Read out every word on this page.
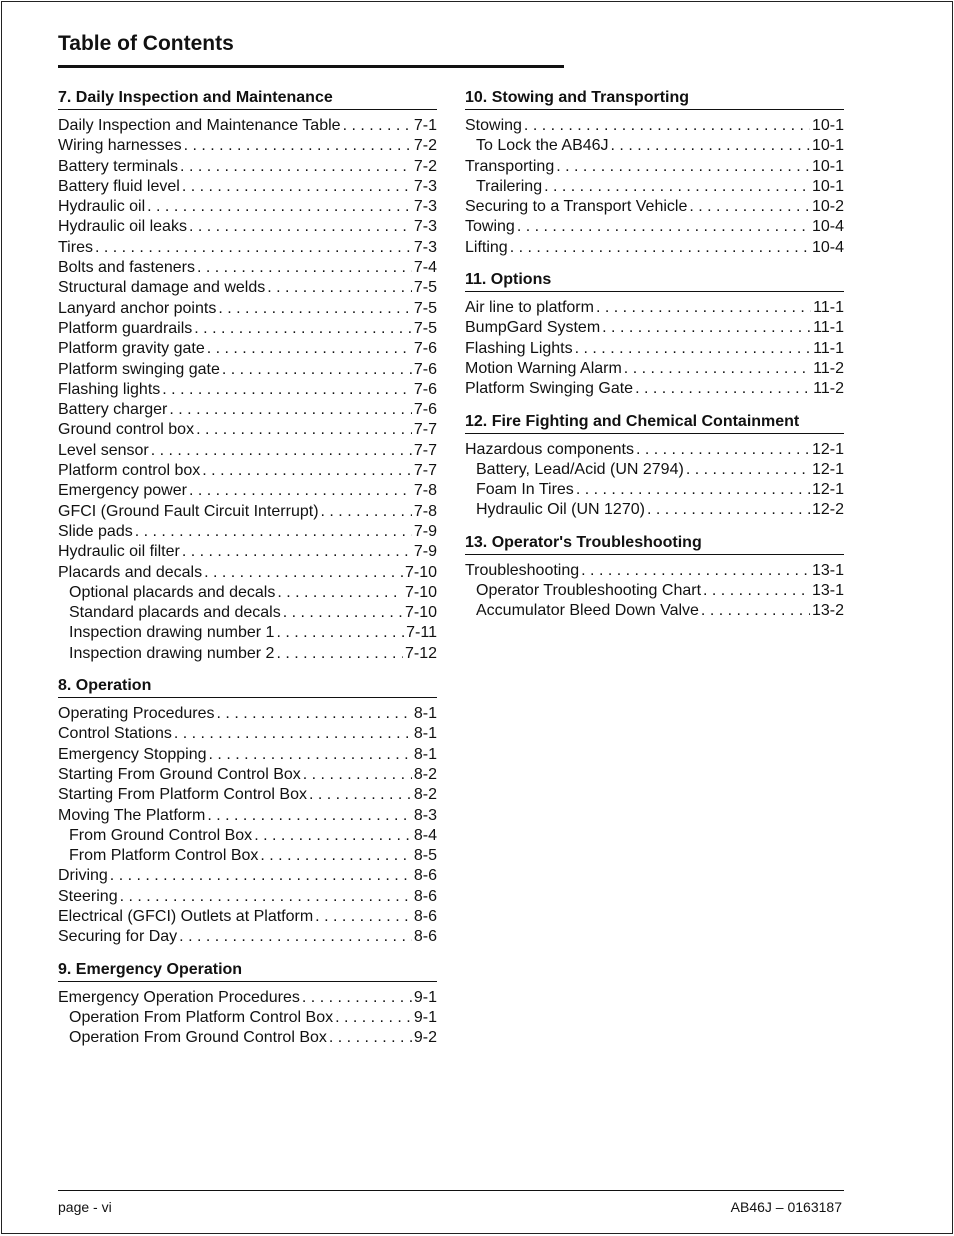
Table of Contents
7. Daily Inspection and Maintenance
Daily Inspection and Maintenance Table . . .	7-1
Wiring harnesses . . .	7-2
Battery terminals . . .	7-2
Battery fluid level . . .	7-3
Hydraulic oil . . .	7-3
Hydraulic oil leaks . . .	7-3
Tires . . .	7-3
Bolts and fasteners . . .	7-4
Structural damage and welds . . .	7-5
Lanyard anchor points . . .	7-5
Platform guardrails . . .	7-5
Platform gravity gate . . .	7-6
Platform swinging gate . . .	7-6
Flashing lights . . .	7-6
Battery charger . . .	7-6
Ground control box . . .	7-7
Level sensor . . .	7-7
Platform control box . . .	7-7
Emergency power . . .	7-8
GFCI (Ground Fault Circuit Interrupt) . . .	7-8
Slide pads . . .	7-9
Hydraulic oil filter . . .	7-9
Placards and decals . . .	7-10
Optional placards and decals . . .	7-10
Standard placards and decals . . .	7-10
Inspection drawing number 1 . . .	7-11
Inspection drawing number 2 . . .	7-12
8. Operation
Operating Procedures . . .	8-1
Control Stations . . .	8-1
Emergency Stopping . . .	8-1
Starting From Ground Control Box . . .	8-2
Starting From Platform Control Box . . .	8-2
Moving The Platform . . .	8-3
From Ground Control Box . . .	8-4
From Platform Control Box . . .	8-5
Driving . . .	8-6
Steering . . .	8-6
Electrical (GFCI) Outlets at Platform . . .	8-6
Securing for Day . . .	8-6
9. Emergency Operation
Emergency Operation Procedures . . .	9-1
Operation From Platform Control Box . . .	9-1
Operation From Ground Control Box . . .	9-2
10. Stowing and Transporting
Stowing . . .	10-1
To Lock the AB46J . . .	10-1
Transporting . . .	10-1
Trailering . . .	10-1
Securing to a Transport Vehicle . . .	10-2
Towing . . .	10-4
Lifting . . .	10-4
11. Options
Air line to platform . . .	11-1
BumpGard System . . .	11-1
Flashing Lights . . .	11-1
Motion Warning Alarm . . .	11-2
Platform Swinging Gate . . .	11-2
12. Fire Fighting and Chemical Containment
Hazardous components . . .	12-1
Battery, Lead/Acid (UN 2794) . . .	12-1
Foam In Tires . . .	12-1
Hydraulic Oil (UN 1270) . . .	12-2
13. Operator's Troubleshooting
Troubleshooting . . .	13-1
Operator Troubleshooting Chart . . .	13-1
Accumulator Bleed Down Valve . . .	13-2
page - vi	AB46J – 0163187
